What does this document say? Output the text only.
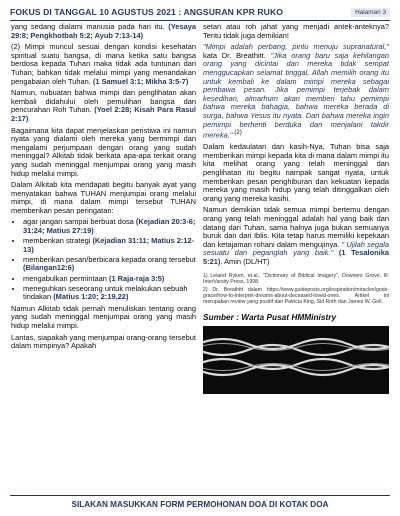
FOKUS DI TANGGAL 10 AGUSTUS 2021 : ANGSURAN KPR RUKO	Halaman 3

yang sedang dialami manusia pada hari itu. (Yesaya 29:8; Pengkhotbah 5:2; Ayub 7:13-14)

(2) Mimpi muncul sesuai dengan kondisi kesehatan spiritual suatu bangsa, di mana ketika satu bangsa berdosa kepada Tuhan maka tidak ada tuntunan dari Tuhan; bahkan tidak melalui mimpi yang menandakan pengabaian oleh Tuhan. (1 Samuel 3:1; Mikha 3:5-7)

Namun, nubuatan bahwa mimpi dan penglihatan akan kembali didahului oleh pemulihan bangsa dan pencurahan Roh Tuhan. (Yoel 2:28; Kisah Para Rasul 2:17)

Bagaimana kita dapat menjelaskan peristiwa ini namun nyata yang dialami oleh mereka yang bermimpi dan mengalami perjumpaan dengan orang yang sudah meninggal? Alkitab tidak berkata apa-apa terkait orang yang sudah meninggal menjumpai orang yang masih hidup melalui mimpi.

Dalam Alkitab kita mendapati begitu banyak ayat yang menyatakan bahwa TUHAN menjumpai orang melalui mimpi, di mana dalam mimpi tersebut TUHAN memberikan pesan peringatan:

• agar jangan sampai berbuat dosa (Kejadian 20:3-6; 31:24; Matius 27:19)
• membenkan strategi (Kejadian 31:11; Matius 2:12-13)
• memberikan pesan/berbicara kepada orang tersebut (Bilangan12:6)
• mengabulkan permintaan (1 Raja-raja 3:5)
• meneguhkan seseorang untuk melakukan sebuah tindakan (Matius 1:20; 2:19,22)

Namun Alkitab tidak pernah menuliskan tentang orang yang sudah meninggal menjumpai orang yang masih hidup melalui mimpi.

Lantas, siapakah yang menjumpai orang-orang tersebut dalam mimpinya? Apakah

setan atau roh jahat yang menjadi antek-anteknya? Tentu tidak juga demikian!

"Mimpi adalah perbang, pintu menuju supranatural," kata Dr. Breathitt. "Jika orang baru saja kehilangan orang yang dicintai dan mereka tidak sempat menggucapkan selamat tinggal, Allah memilih orang itu untuk kembali ke dalam mimpi mereka sebagai pembawa pesan. Jika pemimpi terjebak dalam kesedihan, almarhum akan memberi tahu pemimpi bahwa mereka bahagia, bahwa mereka berada di surga, bahwa Yesus itu nyata. Dan bahwa mereka ingin pemimpi berhenti berduka dan menjalani takdir mereka." $^{(2)}$

Dalam kedaulatan dan kasih-Nya, Tuhan bisa saja memberikan mimpi kepada kita di mana dalam mimpi itu kita melihat orang yang telah meninggal dan penglihatan itu begitu nampak sangat nyata, untuk memberikan pesan penghiburan dan kekuatan kepada mereka yang masih hidup yang telah ditinggalkan oleh orang yang mereka kasihi.

Namun demikian tidak semua mimpi bertemu dengan orang yang telah meninggal adalah hal yang baik dan datang dari Tuhan, sama halnya juga bukan semuanya buruk dan dari Iblis. Kita tetap harus memiliki kepekaan dan ketajaman rohani dalam mengujinya. " Ujilah segala sesuatu dan peganglah yang baik." (1 Tesalonika 5:21). Amin (DL/HT)

1) Leland Ryken, et.al., "Dictionary of Biblical Imagery", Downers Grove, Ill: InterVarsity Press, 1998.

2) Dr. Breathitt dalam https://www.guideposts.org/inspiration/miracles/gods-grace/how-to-interpret-dreams-about-deceased-loved-ones. Artikel ini merupakan review yang positif dari Patricia King, Sid Roth dan James W. Goll.

Sumber : Warta Pusat HMMinistry
SILAKAN MASUKKAN FORM PERMOHONAN DOA DI KOTAK DOA
